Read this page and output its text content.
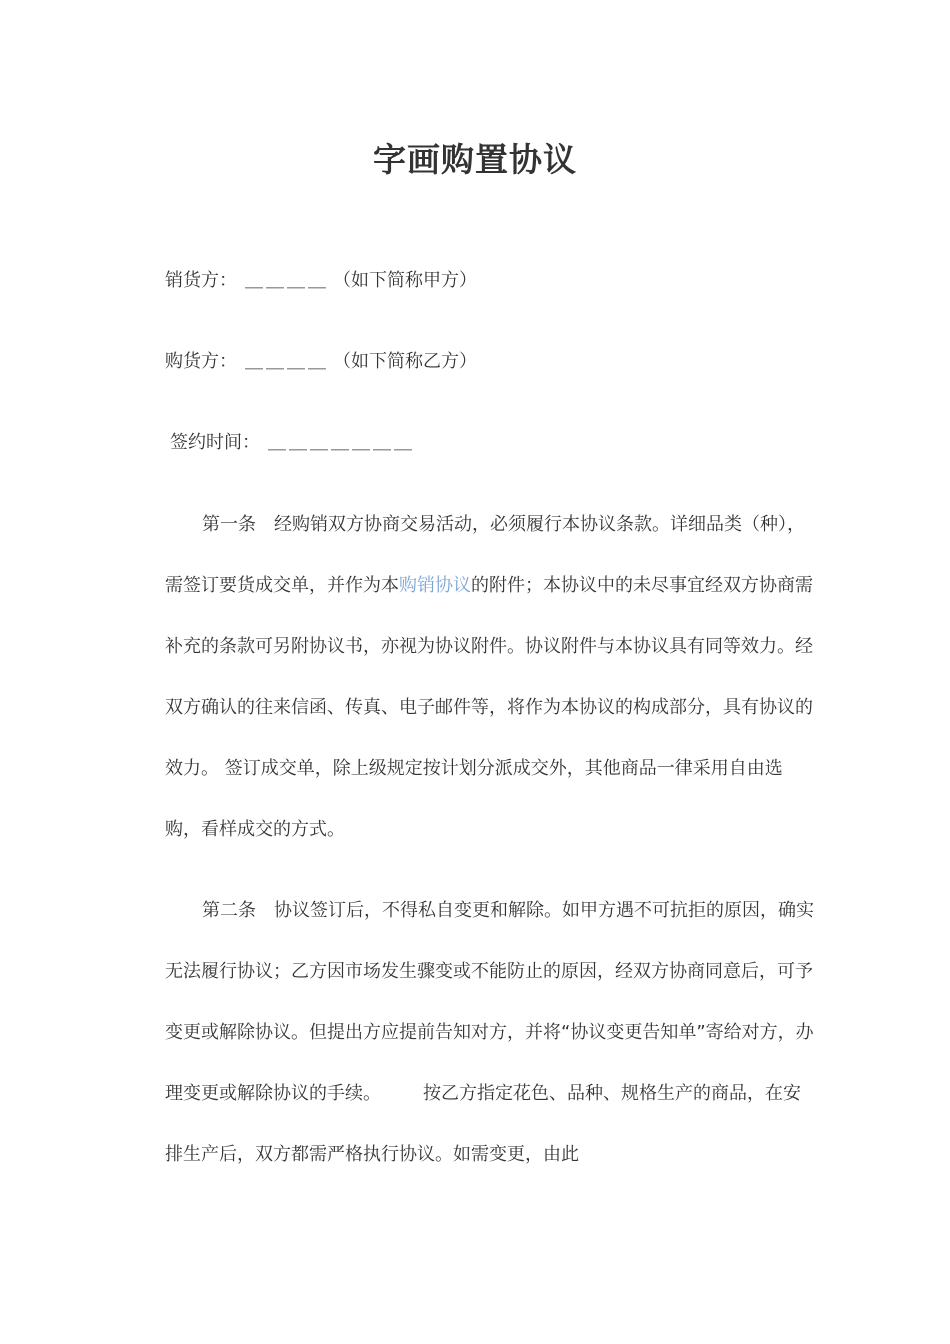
字画购置协议
销货方： ＿＿＿＿ （如下简称甲方）
购货方： ＿＿＿＿ （如下简称乙方）
签约时间： ＿＿＿＿＿＿＿

第一条 经购销双方协商交易活动，必须履行本协议条款。详细品类（种），需签订要货成交单，并作为本购销协议的附件；本协议中的未尽事宜经双方协商需补充的条款可另附协议书，亦视为协议附件。协议附件与本协议具有同等效力。经双方确认的往来信函、传真、电子邮件等，将作为本协议的构成部分，具有协议的效力。 签订成交单，除上级规定按计划分派成交外，其他商品一律采用自由选购，看样成交的方式。

第二条 协议签订后，不得私自变更和解除。如甲方遇不可抗拒的原因，确实无法履行协议；乙方因市场发生骤变或不能防止的原因，经双方协商同意后，可予变更或解除协议。但提出方应提前告知对方，并将“协议变更告知单”寄给对方，办理变更或解除协议的手续。 按乙方指定花色、品种、规格生产的商品，在安排生产后，双方都需严格执行协议。如需变更，由此
